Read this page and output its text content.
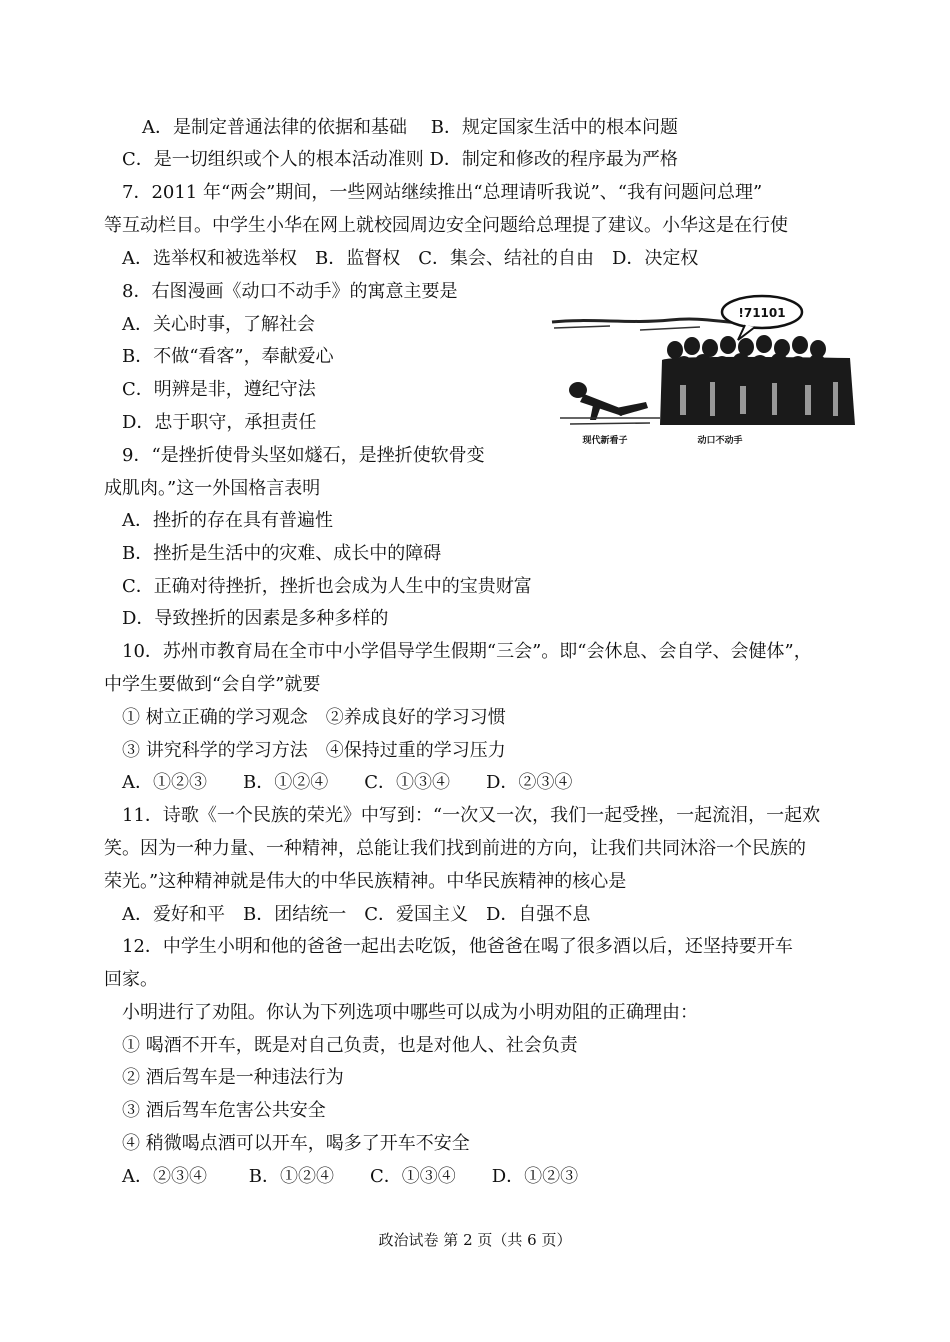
A．是制定普通法律的依据和基础　 B．规定国家生活中的根本问题
C．是一切组织或个人的根本活动准则 D．制定和修改的程序最为严格
7．2011 年“两会”期间，一些网站继续推出“总理请听我说”、“我有问题问总理”
等互动栏目。中学生小华在网上就校园周边安全问题给总理提了建议。小华这是在行使
A．选举权和被选举权　B．监督权　C．集会、结社的自由　D．决定权
8．右图漫画《动口不动手》的寓意主要是
A．关心时事，了解社会
B．不做“看客”，奉献爱心
C．明辨是非，遵纪守法
D．忠于职守，承担责任
9．“是挫折使骨头坚如燧石，是挫折使软骨变
成肌肉。”这一外国格言表明
A．挫折的存在具有普遍性
B．挫折是生活中的灾难、成长中的障碍
C．正确对待挫折，挫折也会成为人生中的宝贵财富
D．导致挫折的因素是多种多样的
10．苏州市教育局在全市中小学倡导学生假期“三会”。即“会休息、会自学、会健体”，
中学生要做到“会自学”就要
① 树立正确的学习观念　②养成良好的学习习惯
③ 讲究科学的学习方法　④保持过重的学习压力
A．①②③　　B．①②④　　C．①③④　　D．②③④
11．诗歌《一个民族的荣光》中写到：“一次又一次，我们一起受挫，一起流泪，一起欢
笑。因为一种力量、一种精神，总能让我们找到前进的方向，让我们共同沐浴一个民族的
荣光。”这种精神就是伟大的中华民族精神。中华民族精神的核心是
A．爱好和平　B．团结统一　C．爱国主义　D．自强不息
12．中学生小明和他的爸爸一起出去吃饭，他爸爸在喝了很多酒以后，还坚持要开车
回家。
小明进行了劝阻。你认为下列选项中哪些可以成为小明劝阻的正确理由：
① 喝酒不开车，既是对自己负责，也是对他人、社会负责
② 酒后驾车是一种违法行为
③ 酒后驾车危害公共安全
④ 稍微喝点酒可以开车，喝多了开车不安全
A．②③④　　 B．①②④　　C．①③④　　D．①②③
!71101
现代新看子	动口不动手
政治试卷 第 2 页（共 6 页）
